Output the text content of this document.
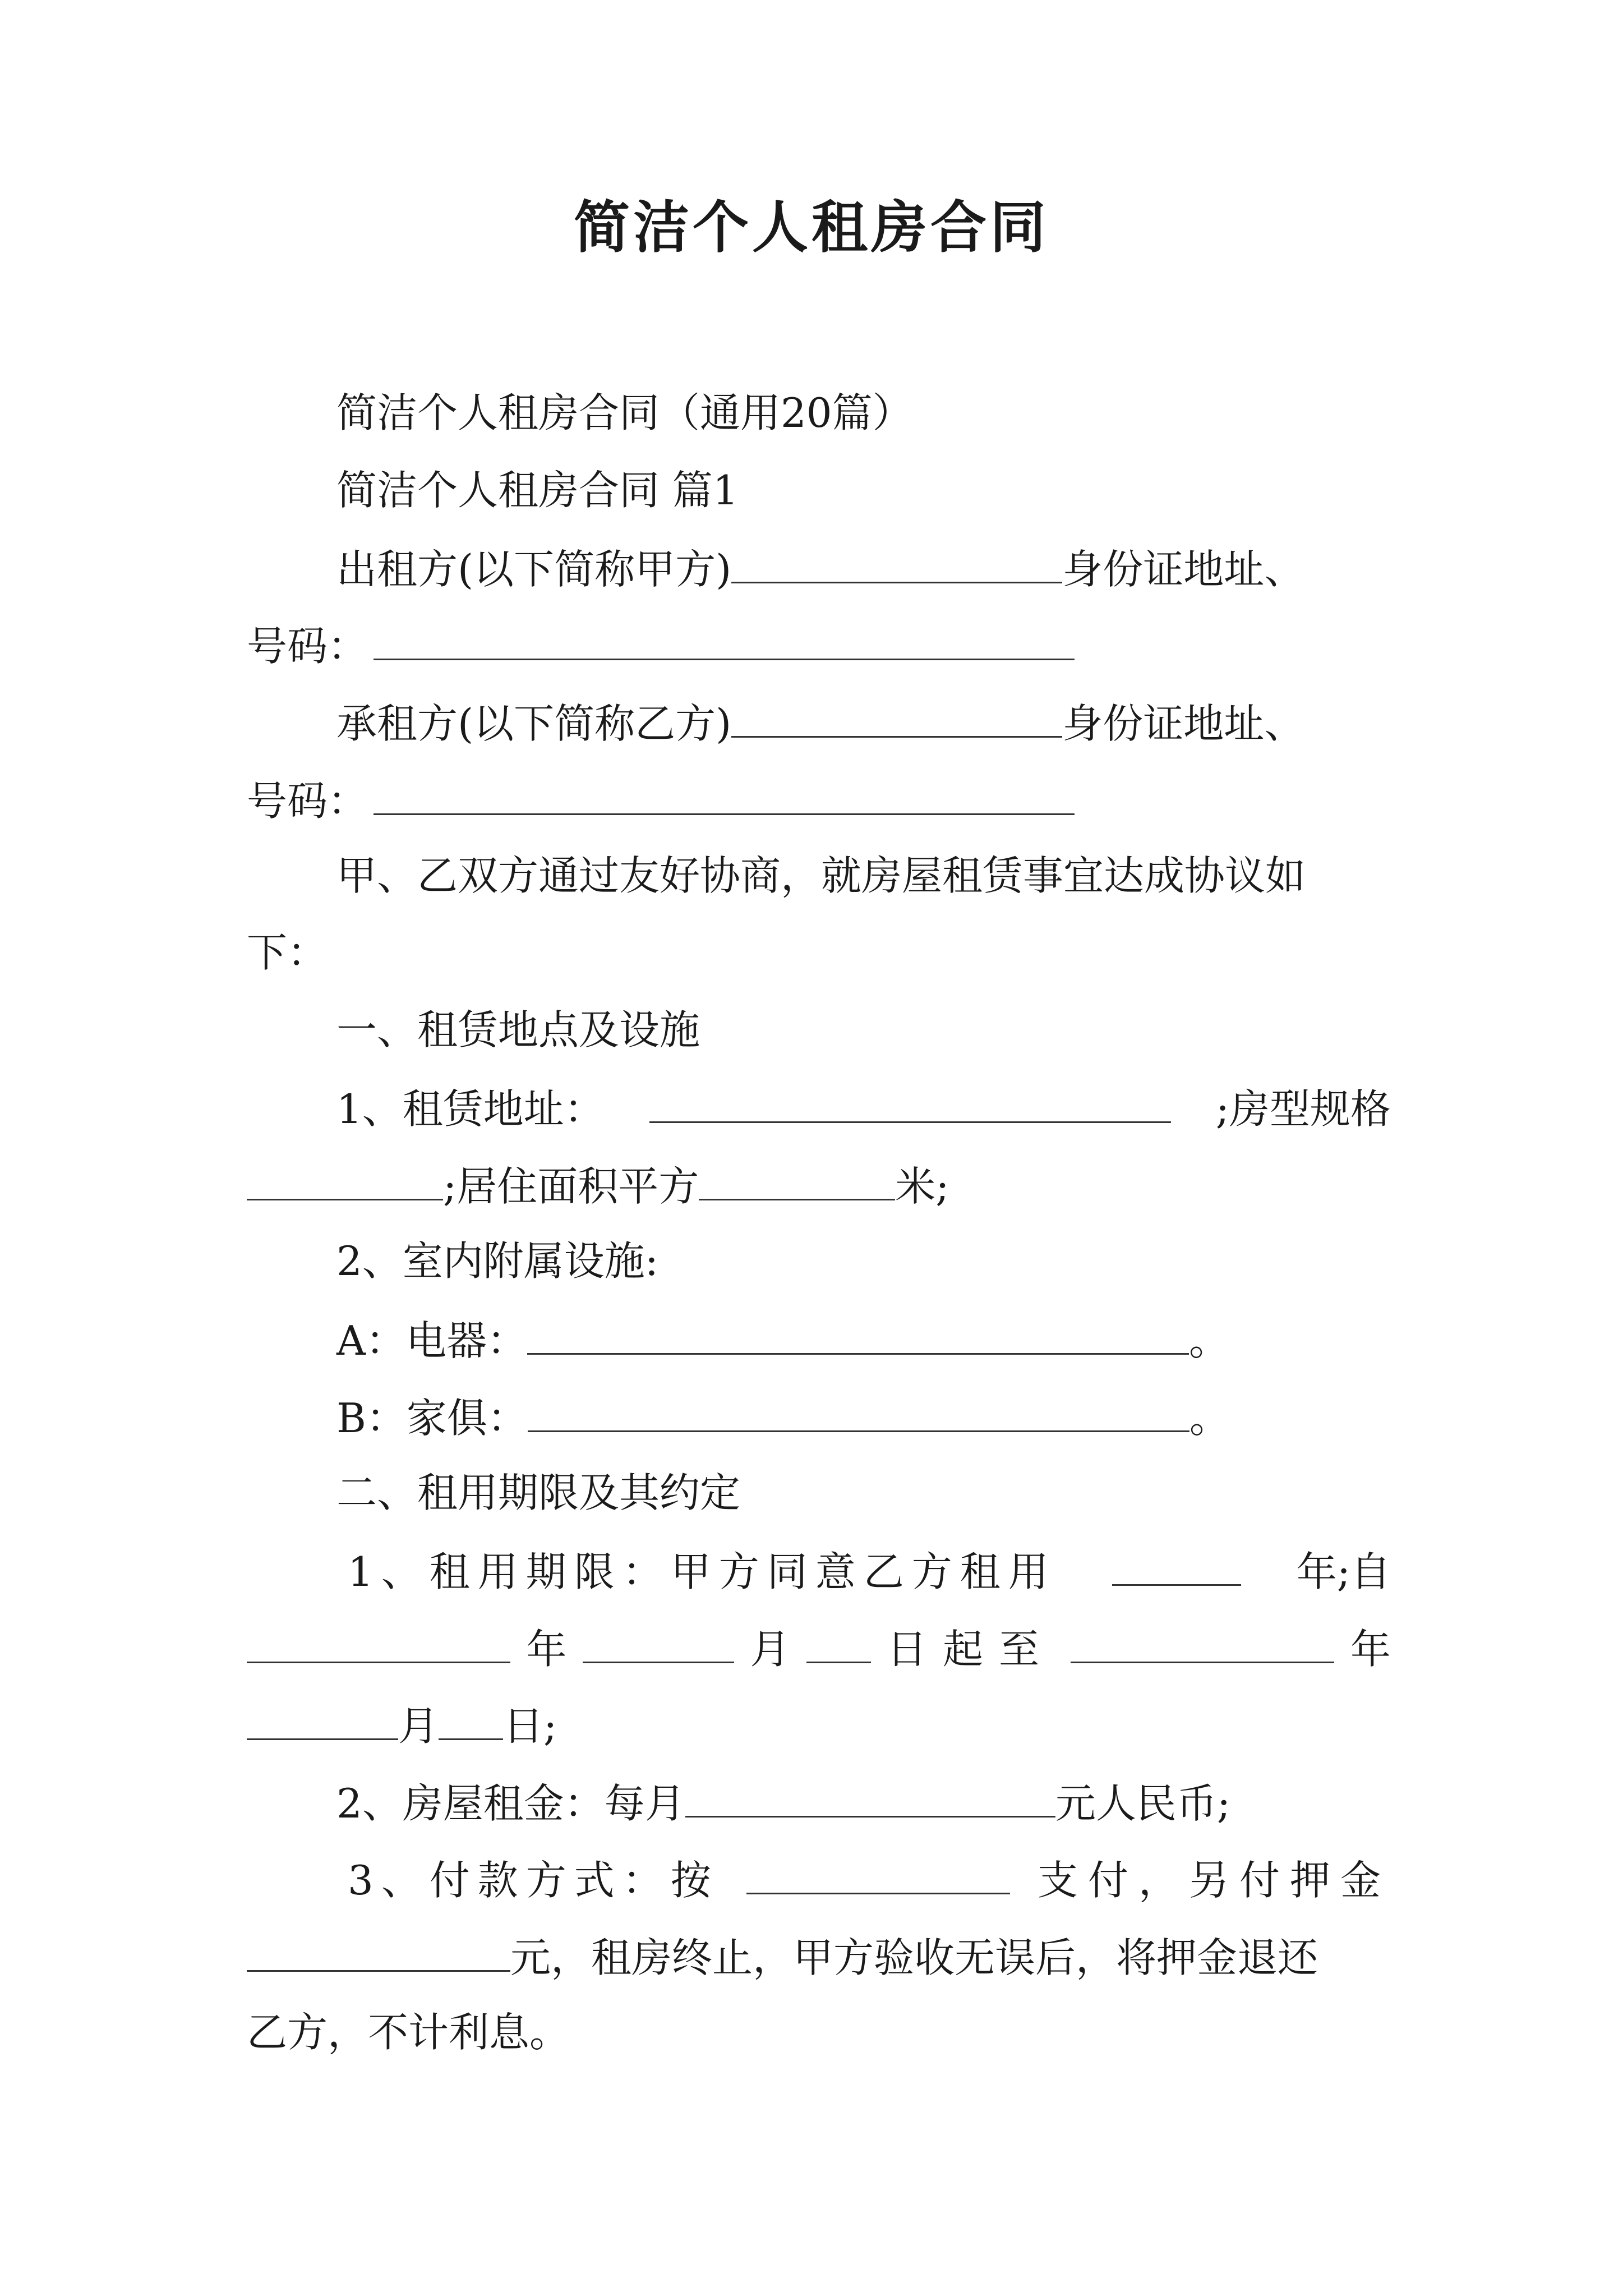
简洁个人租房合同
简洁个人租房合同（通用20篇）
简洁个人租房合同 篇1
出租方(以下简称甲方)	身份证地址、
号码：
承租方(以下简称乙方)	身份证地址、
号码：
甲、乙双方通过友好协商，就房屋租赁事宜达成协议如
下：
一、租赁地点及设施
1、租赁地址：	;房型规格
;居住面积平方	米;
2、室内附属设施:
A：电器：	。
B：家俱：	。
二、租用期限及其约定
1、租用期限：甲方同意乙方租用	年;自
年	月 日起至	年
月 日;
2、房屋租金：每月	元人民币;
3、付款方式：按	支付，另付押金
元，租房终止，甲方验收无误后，将押金退还
乙方，不计利息。
